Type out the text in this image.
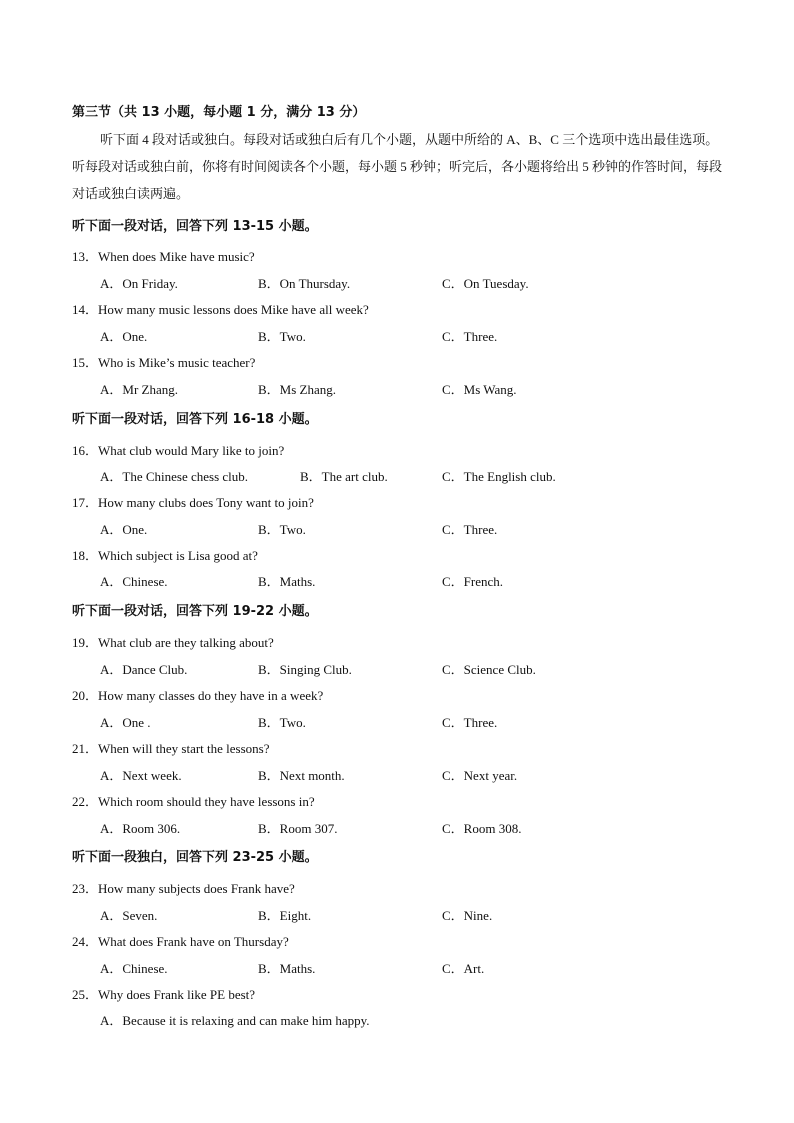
第三节（共 13 小题，每小题 1 分，满分 13 分）

听下面 4 段对话或独白。每段对话或独白后有几个小题，从题中所给的 A、B、C 三个选项中选出最佳选项。听每段对话或独白前，你将有时间阅读各个小题，每小题 5 秒钟；听完后，各小题将给出 5 秒钟的作答时间，每段对话或独白读两遍。

听下面一段对话，回答下列 13-15 小题。
13．When does Mike have music?
A．On Friday.	B．On Thursday.	C．On Tuesday.
14．How many music lessons does Mike have all week?
A．One.	B．Two.	C．Three.
15．Who is Mike’s music teacher?
A．Mr Zhang.	B．Ms Zhang.	C．Ms Wang.
听下面一段对话，回答下列 16-18 小题。
16．What club would Mary like to join?
A．The Chinese chess club.	B．The art club.	C．The English club.
17．How many clubs does Tony want to join?
A．One.	B．Two.	C．Three.
18．Which subject is Lisa good at?
A．Chinese.	B．Maths.	C．French.
听下面一段对话，回答下列 19-22 小题。
19．What club are they talking about?
A．Dance Club.	B．Singing Club.	C．Science Club.
20．How many classes do they have in a week?
A．One .	B．Two.	C．Three.
21．When will they start the lessons?
A．Next week.	B．Next month.	C．Next year.
22．Which room should they have lessons in?
A．Room 306.	B．Room 307.	C．Room 308.
听下面一段独白，回答下列 23-25 小题。
23．How many subjects does Frank have?
A．Seven.	B．Eight.	C．Nine.
24．What does Frank have on Thursday?
A．Chinese.	B．Maths.	C．Art.
25．Why does Frank like PE best?
A．Because it is relaxing and can make him happy.
